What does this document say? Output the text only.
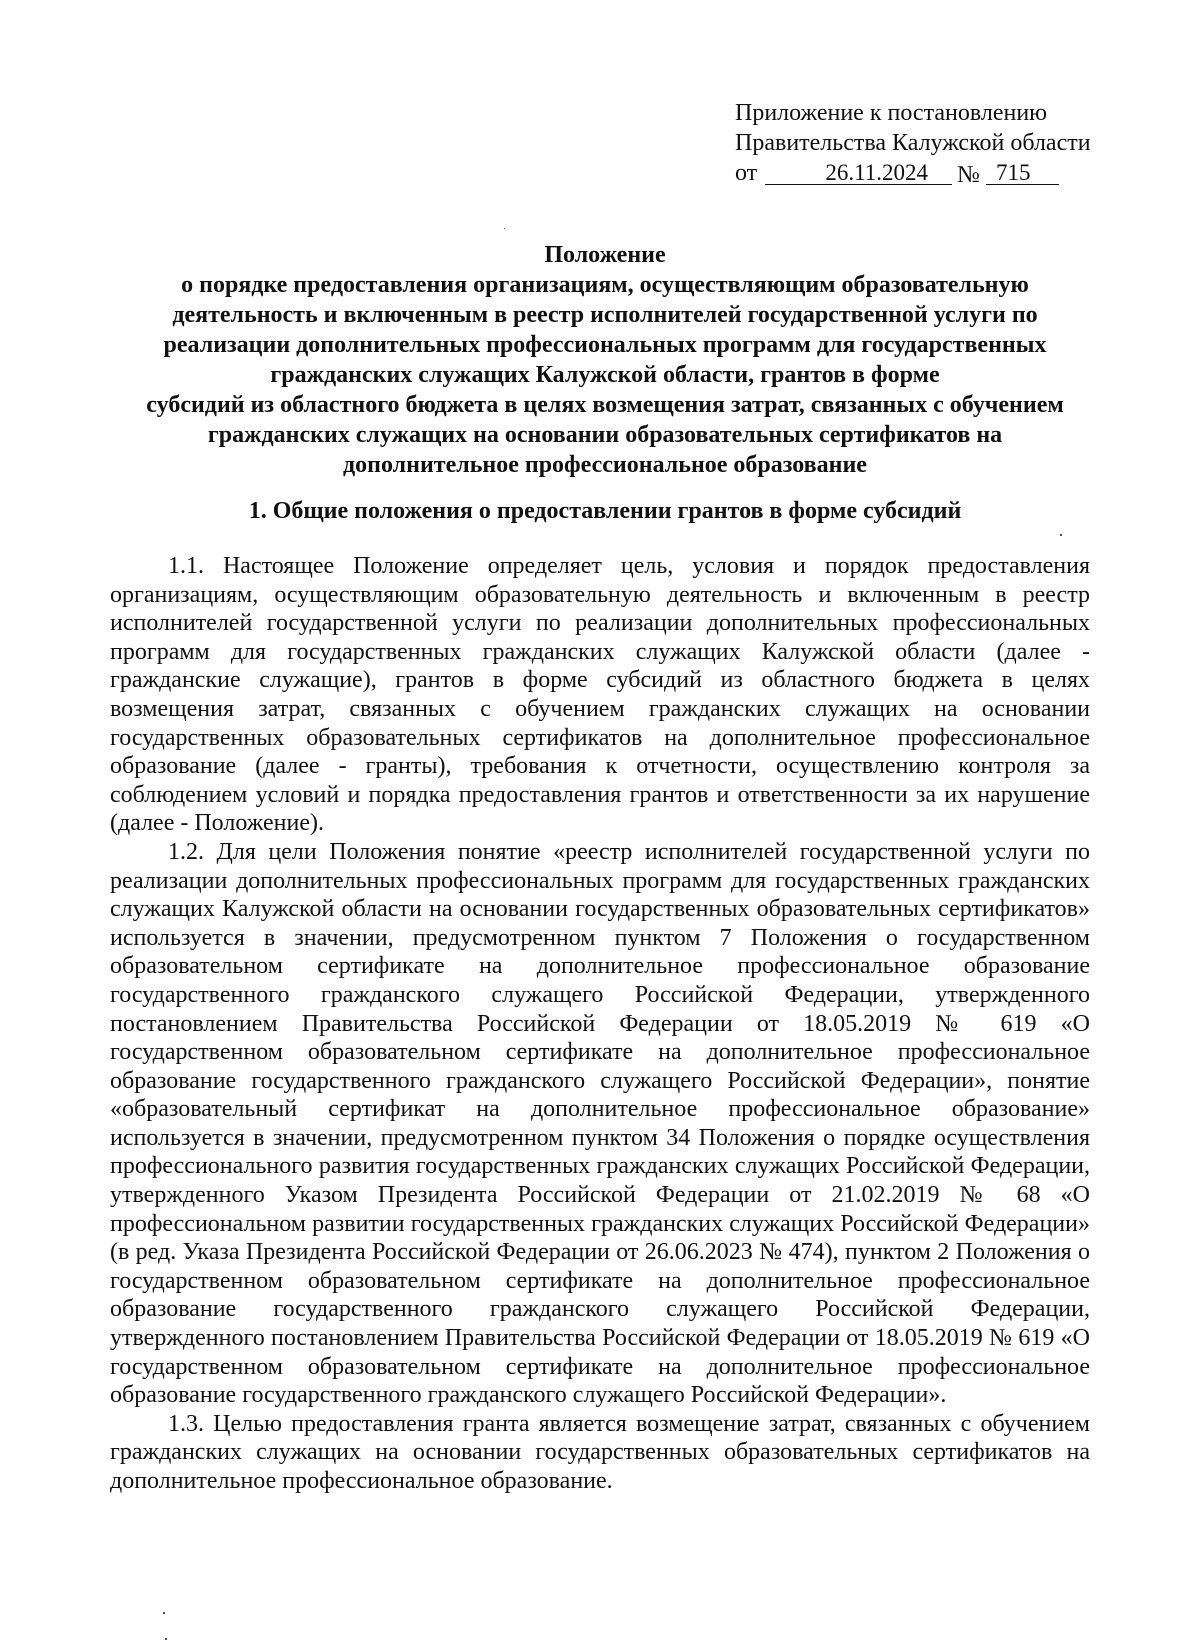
Приложение к постановлению
Правительства Калужской области
от	26.11.2024	№ 715
Положение
о порядке предоставления организациям, осуществляющим образовательную
деятельность и включенным в реестр исполнителей государственной услуги по
реализации дополнительных профессиональных программ для государственных
гражданских служащих Калужской области, грантов в форме
субсидий из областного бюджета в целях возмещения затрат, связанных с обучением
гражданских служащих на основании образовательных сертификатов на
дополнительное профессиональное образование
1. Общие положения о предоставлении грантов в форме субсидий

1.1. Настоящее Положение определяет цель, условия и порядок предоставления организациям, осуществляющим образовательную деятельность и включенным в реестр исполнителей государственной услуги по реализации дополнительных профессиональных программ для государственных гражданских служащих Калужской области (далее - гражданские служащие), грантов в форме субсидий из областного бюджета в целях возмещения затрат, связанных с обучением гражданских служащих на основании государственных образовательных сертификатов на дополнительное профессиональное образование (далее - гранты), требования к отчетности, осуществлению контроля за соблюдением условий и порядка предоставления грантов и ответственности за их нарушение (далее - Положение).

1.2. Для цели Положения понятие «реестр исполнителей государственной услуги по реализации дополнительных профессиональных программ для государственных гражданских служащих Калужской области на основании государственных образовательных сертификатов» используется в значении, предусмотренном пунктом 7 Положения о государственном образовательном сертификате на дополнительное профессиональное образование государственного гражданского служащего Российской Федерации, утвержденного постановлением Правительства Российской Федерации от 18.05.2019 № 619 «О государственном образовательном сертификате на дополнительное профессиональное образование государственного гражданского служащего Российской Федерации», понятие «образовательный сертификат на дополнительное профессиональное образование» используется в значении, предусмотренном пунктом 34 Положения о порядке осуществления профессионального развития государственных гражданских служащих Российской Федерации, утвержденного Указом Президента Российской Федерации от 21.02.2019 № 68 «О профессиональном развитии государственных гражданских служащих Российской Федерации» (в ред. Указа Президента Российской Федерации от 26.06.2023 № 474), пунктом 2 Положения о государственном образовательном сертификате на дополнительное профессиональное образование государственного гражданского служащего Российской Федерации, утвержденного постановлением Правительства Российской Федерации от 18.05.2019 № 619 «О государственном образовательном сертификате на дополнительное профессиональное образование государственного гражданского служащего Российской Федерации».

1.3. Целью предоставления гранта является возмещение затрат, связанных с обучением гражданских служащих на основании государственных образовательных сертификатов на дополнительное профессиональное образование.
